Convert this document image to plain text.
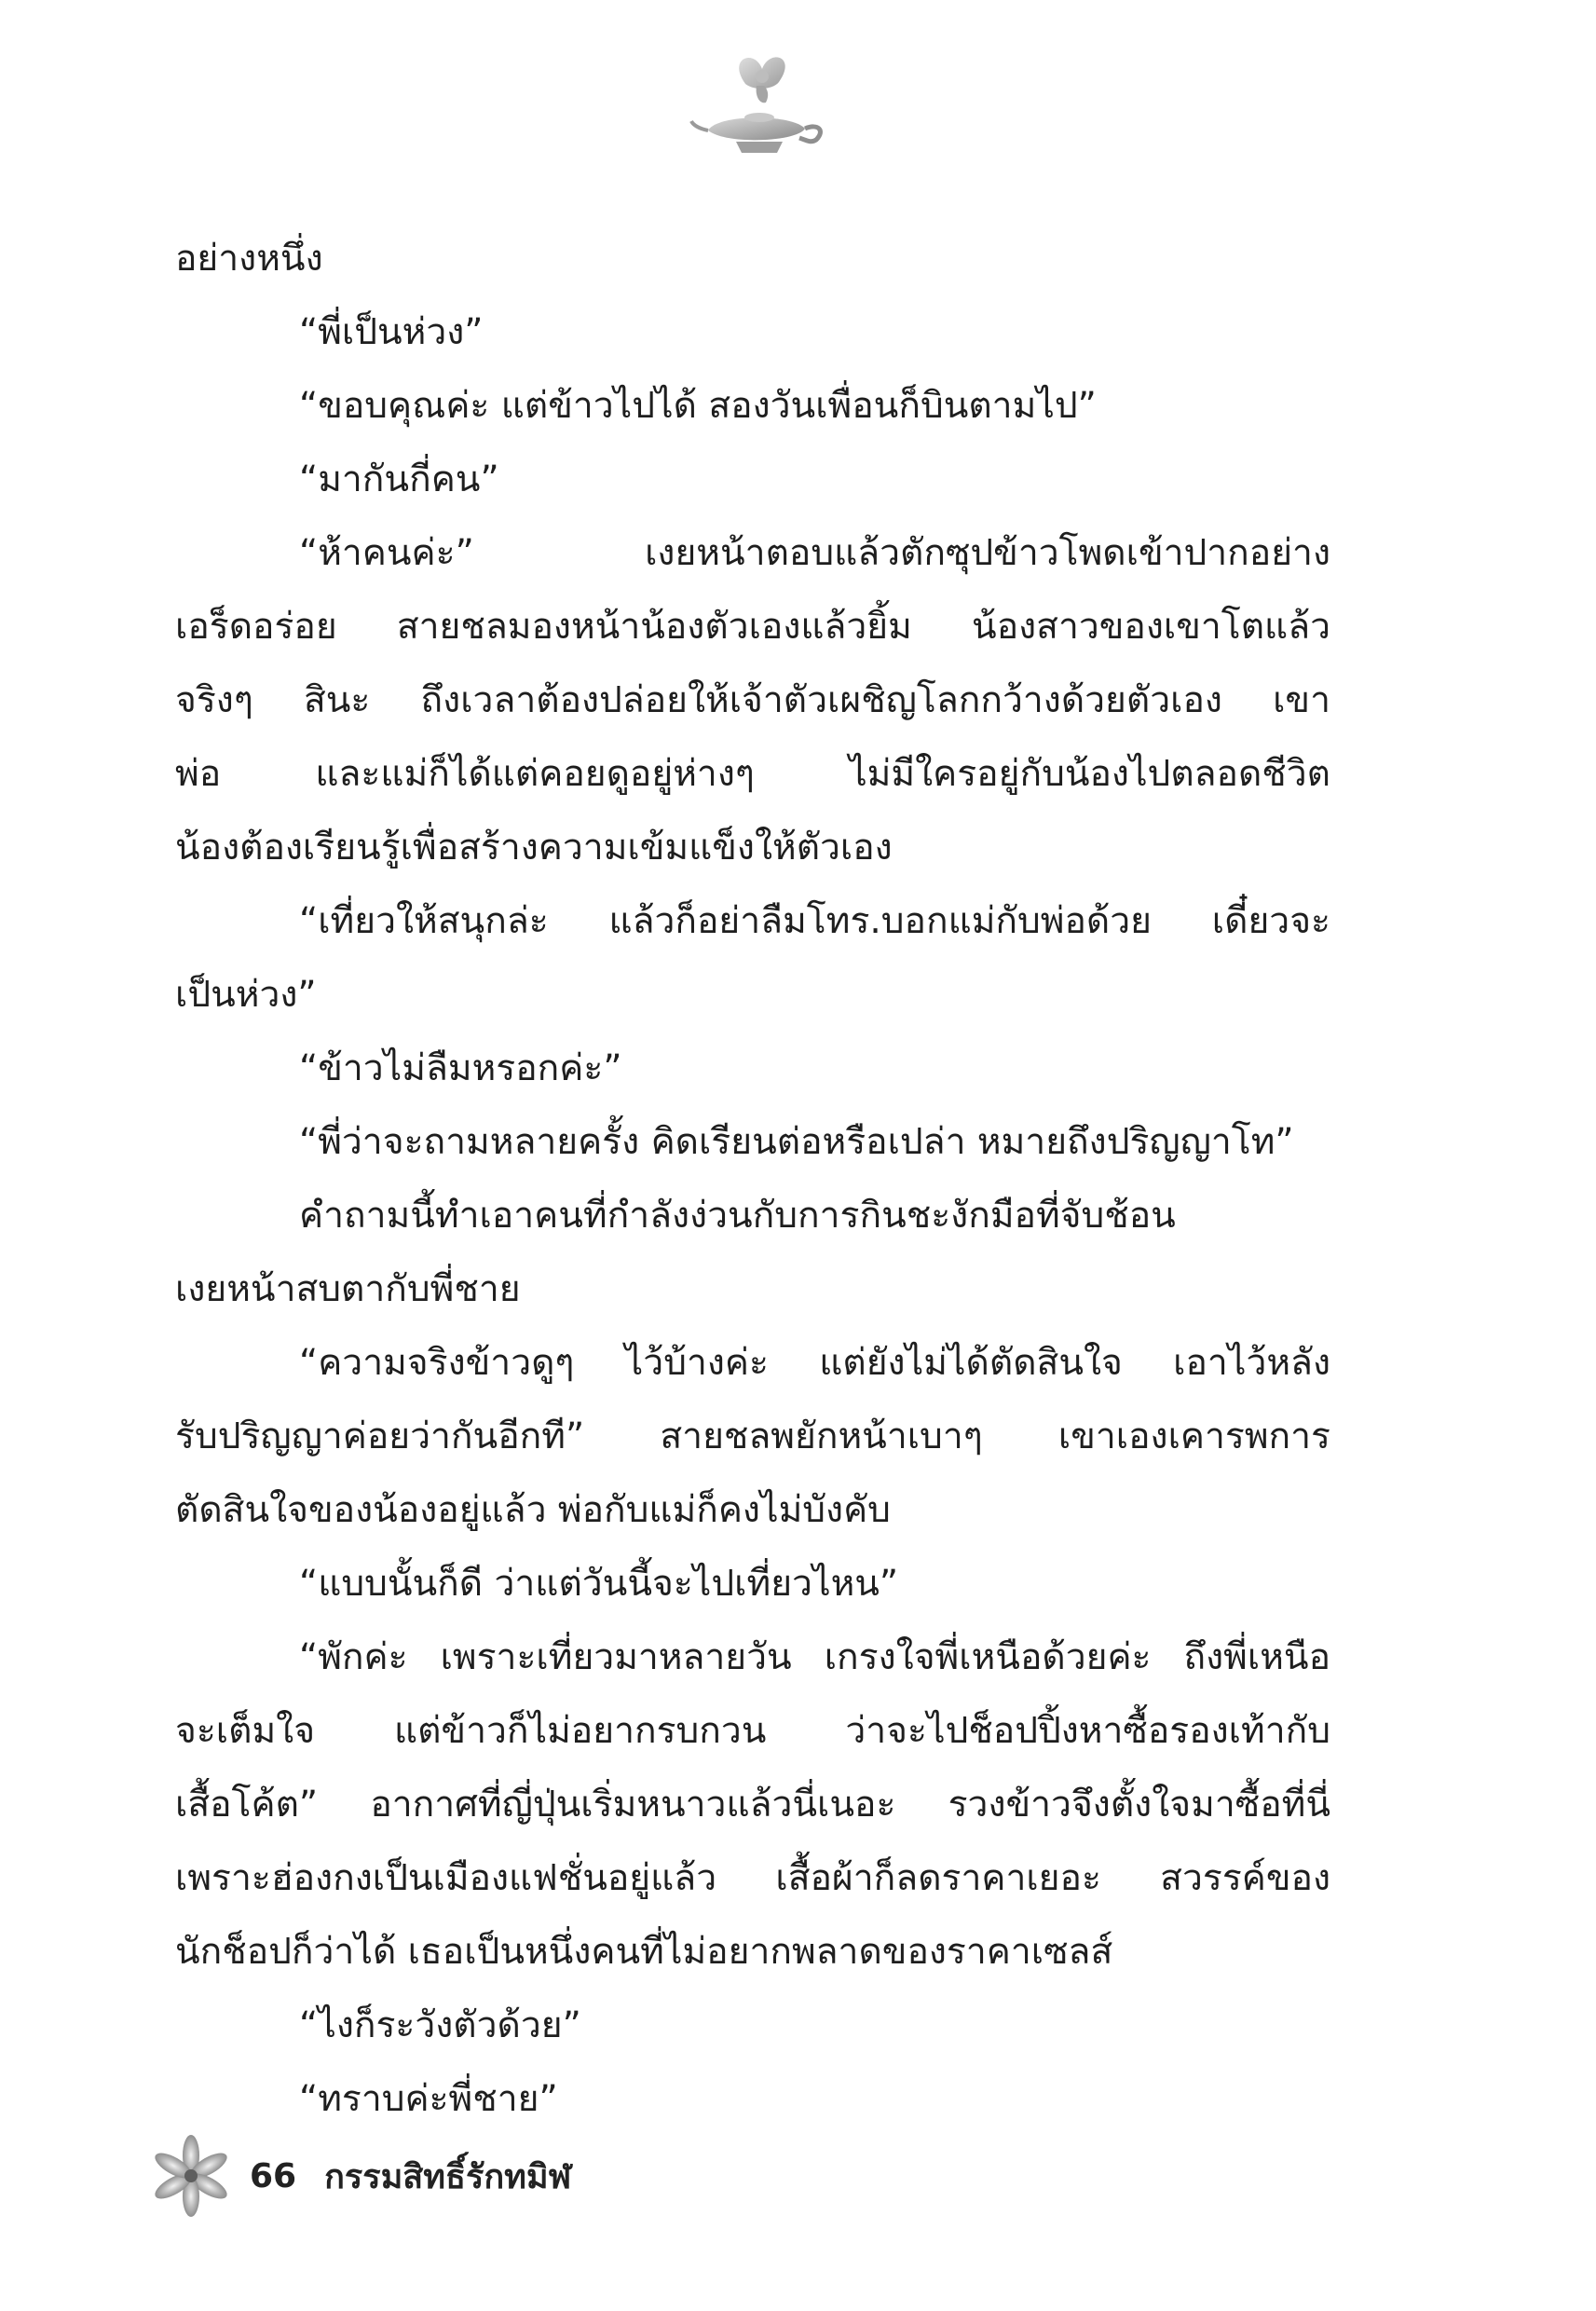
อย่างหนึ่ง

“พี่เป็นห่วง”

“ขอบคุณค่ะ แต่ข้าวไปได้ สองวันเพื่อนก็บินตามไป”

“มากันกี่คน”

“ห้าคนค่ะ” เงยหน้าตอบแล้วตักซุปข้าวโพดเข้าปากอย่าง

เอร็ดอร่อย สายชลมองหน้าน้องตัวเองแล้วยิ้ม น้องสาวของเขาโตแล้ว

จริงๆ สินะ ถึงเวลาต้องปล่อยให้เจ้าตัวเผชิญโลกกว้างด้วยตัวเอง เขา

พ่อ และแม่ก็ได้แต่คอยดูอยู่ห่างๆ ไม่มีใครอยู่กับน้องไปตลอดชีวิต

น้องต้องเรียนรู้เพื่อสร้างความเข้มแข็งให้ตัวเอง

“เที่ยวให้สนุกล่ะ แล้วก็อย่าลืมโทร.บอกแม่กับพ่อด้วย เดี๋ยวจะ

เป็นห่วง”

“ข้าวไม่ลืมหรอกค่ะ”

“พี่ว่าจะถามหลายครั้ง คิดเรียนต่อหรือเปล่า หมายถึงปริญญาโท”

คำถามนี้ทำเอาคนที่กำลังง่วนกับการกินชะงักมือที่จับช้อน

เงยหน้าสบตากับพี่ชาย

“ความจริงข้าวดูๆ ไว้บ้างค่ะ แต่ยังไม่ได้ตัดสินใจ เอาไว้หลัง

รับปริญญาค่อยว่ากันอีกที” สายชลพยักหน้าเบาๆ เขาเองเคารพการ

ตัดสินใจของน้องอยู่แล้ว พ่อกับแม่ก็คงไม่บังคับ

“แบบนั้นก็ดี ว่าแต่วันนี้จะไปเที่ยวไหน”

“พักค่ะ เพราะเที่ยวมาหลายวัน เกรงใจพี่เหนือด้วยค่ะ ถึงพี่เหนือ

จะเต็มใจ แต่ข้าวก็ไม่อยากรบกวน ว่าจะไปช็อปปิ้งหาซื้อรองเท้ากับ

เสื้อโค้ต” อากาศที่ญี่ปุ่นเริ่มหนาวแล้วนี่เนอะ รวงข้าวจึงตั้งใจมาซื้อที่นี่

เพราะฮ่องกงเป็นเมืองแฟชั่นอยู่แล้ว เสื้อผ้าก็ลดราคาเยอะ สวรรค์ของ

นักช็อปก็ว่าได้ เธอเป็นหนึ่งคนที่ไม่อยากพลาดของราคาเซลส์

“ไงก็ระวังตัวด้วย”

“ทราบค่ะพี่ชาย”

66 กรรมสิทธิ์รักทมิฬ
